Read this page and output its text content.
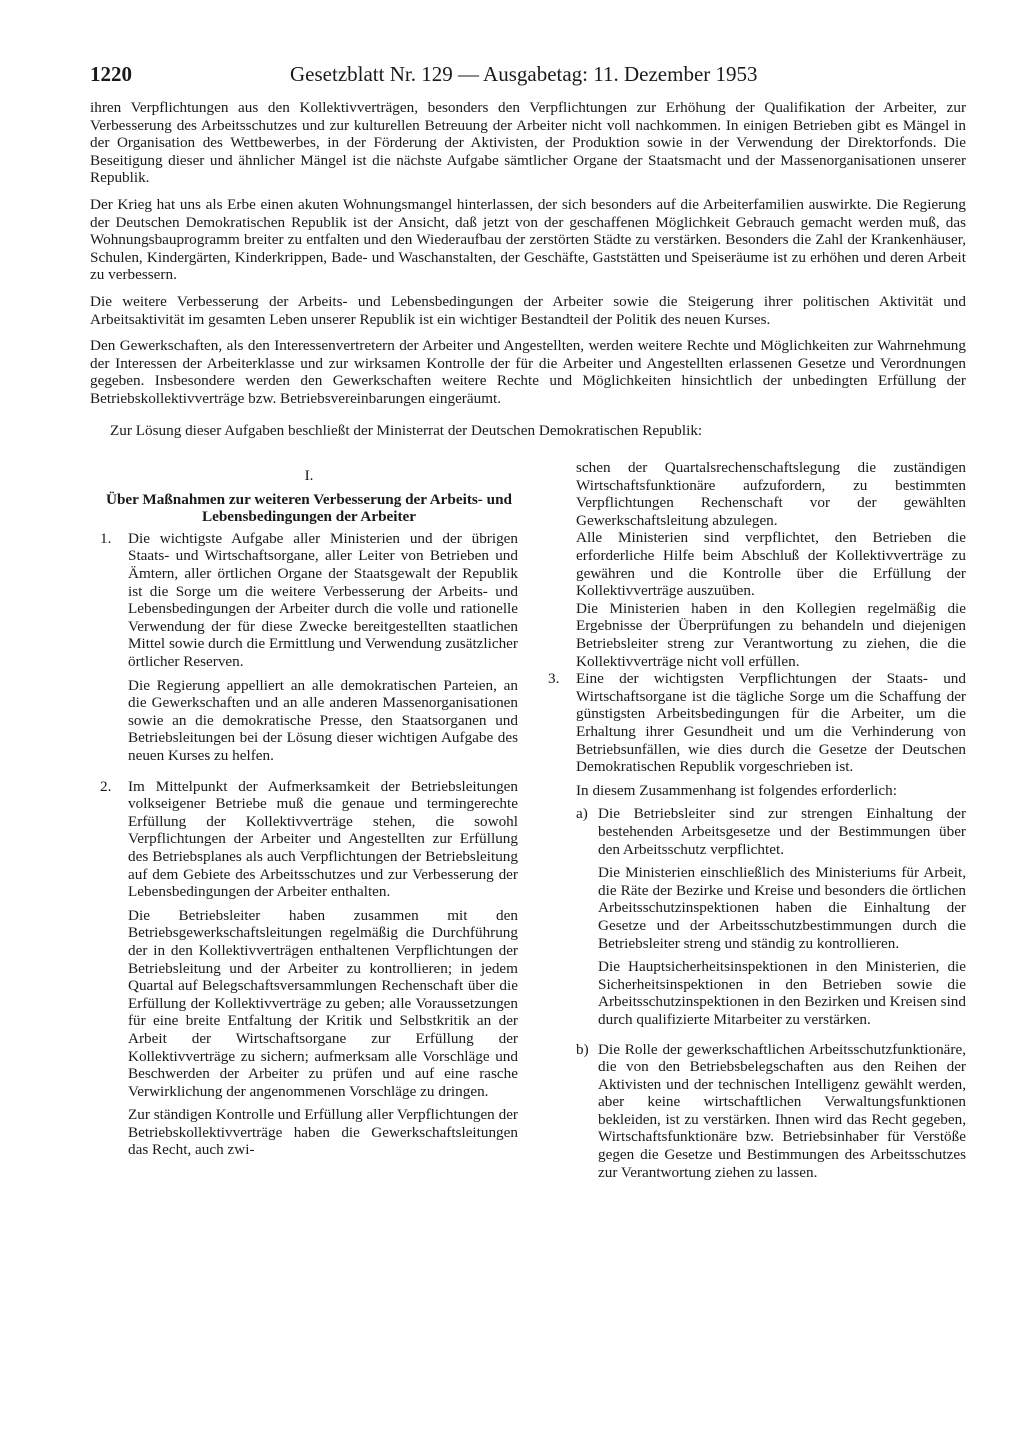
1220	Gesetzblatt Nr. 129 — Ausgabetag: 11. Dezember 1953

ihren Verpflichtungen aus den Kollektivverträgen, besonders den Verpflichtungen zur Erhöhung der Qualifikation der Arbeiter, zur Verbesserung des Arbeitsschutzes und zur kulturellen Betreuung der Arbeiter nicht voll nachkommen. In einigen Betrieben gibt es Mängel in der Organisation des Wettbewerbes, in der Förderung der Aktivisten, der Produktion sowie in der Verwendung der Direktorfonds. Die Beseitigung dieser und ähnlicher Mängel ist die nächste Aufgabe sämtlicher Organe der Staatsmacht und der Massenorganisationen unserer Republik.

Der Krieg hat uns als Erbe einen akuten Wohnungsmangel hinterlassen, der sich besonders auf die Arbeiterfamilien auswirkte. Die Regierung der Deutschen Demokratischen Republik ist der Ansicht, daß jetzt von der geschaffenen Möglichkeit Gebrauch gemacht werden muß, das Wohnungsbauprogramm breiter zu entfalten und den Wiederaufbau der zerstörten Städte zu verstärken. Besonders die Zahl der Krankenhäuser, Schulen, Kindergärten, Kinderkrippen, Bade- und Waschanstalten, der Geschäfte, Gaststätten und Speiseräume ist zu erhöhen und deren Arbeit zu verbessern.

Die weitere Verbesserung der Arbeits- und Lebensbedingungen der Arbeiter sowie die Steigerung ihrer politischen Aktivität und Arbeitsaktivität im gesamten Leben unserer Republik ist ein wichtiger Bestandteil der Politik des neuen Kurses.

Den Gewerkschaften, als den Interessenvertretern der Arbeiter und Angestellten, werden weitere Rechte und Möglichkeiten zur Wahrnehmung der Interessen der Arbeiterklasse und zur wirksamen Kontrolle der für die Arbeiter und Angestellten erlassenen Gesetze und Verordnungen gegeben. Insbesondere werden den Gewerkschaften weitere Rechte und Möglichkeiten hinsichtlich der unbedingten Erfüllung der Betriebskollektivverträge bzw. Betriebsvereinbarungen eingeräumt.

Zur Lösung dieser Aufgaben beschließt der Ministerrat der Deutschen Demokratischen Republik:

I.
Über Maßnahmen zur weiteren Verbesserung der Arbeits- und Lebensbedingungen der Arbeiter
1.	Die wichtigste Aufgabe aller Ministerien und der übrigen Staats- und Wirtschaftsorgane, aller Leiter von Betrieben und Ämtern, aller örtlichen Organe der Staatsgewalt der Republik ist die Sorge um die weitere Verbesserung der Arbeits- und Lebensbedingungen der Arbeiter durch die volle und rationelle Verwendung der für diese Zwecke bereitgestellten staatlichen Mittel sowie durch die Ermittlung und Verwendung zusätzlicher örtlicher Reserven.

Die Regierung appelliert an alle demokratischen Parteien, an die Gewerkschaften und an alle anderen Massenorganisationen sowie an die demokratische Presse, den Staatsorganen und Betriebsleitungen bei der Lösung dieser wichtigen Aufgabe des neuen Kurses zu helfen.

2.	Im Mittelpunkt der Aufmerksamkeit der Betriebsleitungen volkseigener Betriebe muß die genaue und termingerechte Erfüllung der Kollektivverträge stehen, die sowohl Verpflichtungen der Arbeiter und Angestellten zur Erfüllung des Betriebsplanes als auch Verpflichtungen der Betriebsleitung auf dem Gebiete des Arbeitsschutzes und zur Verbesserung der Lebensbedingungen der Arbeiter enthalten.

Die Betriebsleiter haben zusammen mit den Betriebsgewerkschaftsleitungen regelmäßig die Durchführung der in den Kollektivverträgen enthaltenen Verpflichtungen der Betriebsleitung und der Arbeiter zu kontrollieren; in jedem Quartal auf Belegschaftsversammlungen Rechenschaft über die Erfüllung der Kollektivverträge zu geben; alle Voraussetzungen für eine breite Entfaltung der Kritik und Selbstkritik an der Arbeit der Wirtschaftsorgane zur Erfüllung der Kollektivverträge zu sichern; aufmerksam alle Vorschläge und Beschwerden der Arbeiter zu prüfen und auf eine rasche Verwirklichung der angenommenen Vorschläge zu dringen.

Zur ständigen Kontrolle und Erfüllung aller Verpflichtungen der Betriebskollektivverträge haben die Gewerkschaftsleitungen das Recht, auch zwi-

schen der Quartalsrechenschaftslegung die zuständigen Wirtschaftsfunktionäre aufzufordern, zu bestimmten Verpflichtungen Rechenschaft vor der gewählten Gewerkschaftsleitung abzulegen.

Alle Ministerien sind verpflichtet, den Betrieben die erforderliche Hilfe beim Abschluß der Kollektivverträge zu gewähren und die Kontrolle über die Erfüllung der Kollektivverträge auszuüben.

Die Ministerien haben in den Kollegien regelmäßig die Ergebnisse der Überprüfungen zu behandeln und diejenigen Betriebsleiter streng zur Verantwortung zu ziehen, die die Kollektivverträge nicht voll erfüllen.

3.	Eine der wichtigsten Verpflichtungen der Staats- und Wirtschaftsorgane ist die tägliche Sorge um die Schaffung der günstigsten Arbeitsbedingungen für die Arbeiter, um die Erhaltung ihrer Gesundheit und um die Verhinderung von Betriebsunfällen, wie dies durch die Gesetze der Deutschen Demokratischen Republik vorgeschrieben ist.

In diesem Zusammenhang ist folgendes erforderlich:

a) Die Betriebsleiter sind zur strengen Einhaltung der bestehenden Arbeitsgesetze und der Bestimmungen über den Arbeitsschutz verpflichtet.

Die Ministerien einschließlich des Ministeriums für Arbeit, die Räte der Bezirke und Kreise und besonders die örtlichen Arbeitsschutzinspektionen haben die Einhaltung der Gesetze und der Arbeitsschutzbestimmungen durch die Betriebsleiter streng und ständig zu kontrollieren.

Die Hauptsicherheitsinspektionen in den Ministerien, die Sicherheitsinspektionen in den Betrieben sowie die Arbeitsschutzinspektionen in den Bezirken und Kreisen sind durch qualifizierte Mitarbeiter zu verstärken.

b) Die Rolle der gewerkschaftlichen Arbeitsschutzfunktionäre, die von den Betriebsbelegschaften aus den Reihen der Aktivisten und der technischen Intelligenz gewählt werden, aber keine wirtschaftlichen Verwaltungsfunktionen bekleiden, ist zu verstärken. Ihnen wird das Recht gegeben, Wirtschaftsfunktionäre bzw. Betriebsinhaber für Verstöße gegen die Gesetze und Bestimmungen des Arbeitsschutzes zur Verantwortung ziehen zu lassen.
